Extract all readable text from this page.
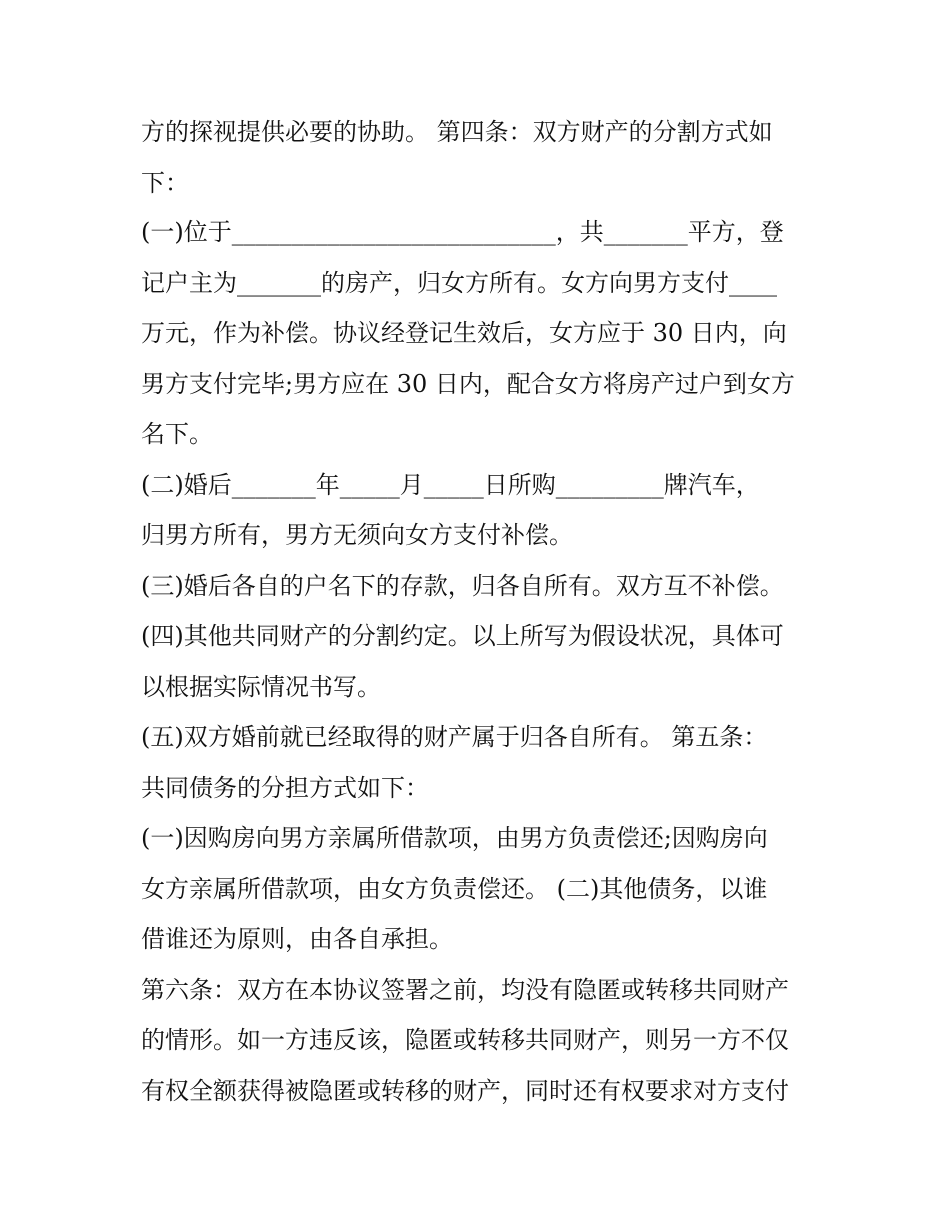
方的探视提供必要的协助。 第四条：双方财产的分割方式如
下：
(一)位于___________________________，共_______平方，登
记户主为_______的房产，归女方所有。女方向男方支付____
万元，作为补偿。协议经登记生效后，女方应于 30 日内，向
男方支付完毕;男方应在 30 日内，配合女方将房产过户到女方
名下。
(二)婚后_______年_____月_____日所购_________牌汽车，
归男方所有，男方无须向女方支付补偿。
(三)婚后各自的户名下的存款，归各自所有。双方互不补偿。
(四)其他共同财产的分割约定。以上所写为假设状况，具体可
以根据实际情况书写。
(五)双方婚前就已经取得的财产属于归各自所有。 第五条：
共同债务的分担方式如下：
(一)因购房向男方亲属所借款项，由男方负责偿还;因购房向
女方亲属所借款项，由女方负责偿还。 (二)其他债务，以谁
借谁还为原则，由各自承担。
第六条：双方在本协议签署之前，均没有隐匿或转移共同财产
的情形。如一方违反该，隐匿或转移共同财产，则另一方不仅
有权全额获得被隐匿或转移的财产，同时还有权要求对方支付
